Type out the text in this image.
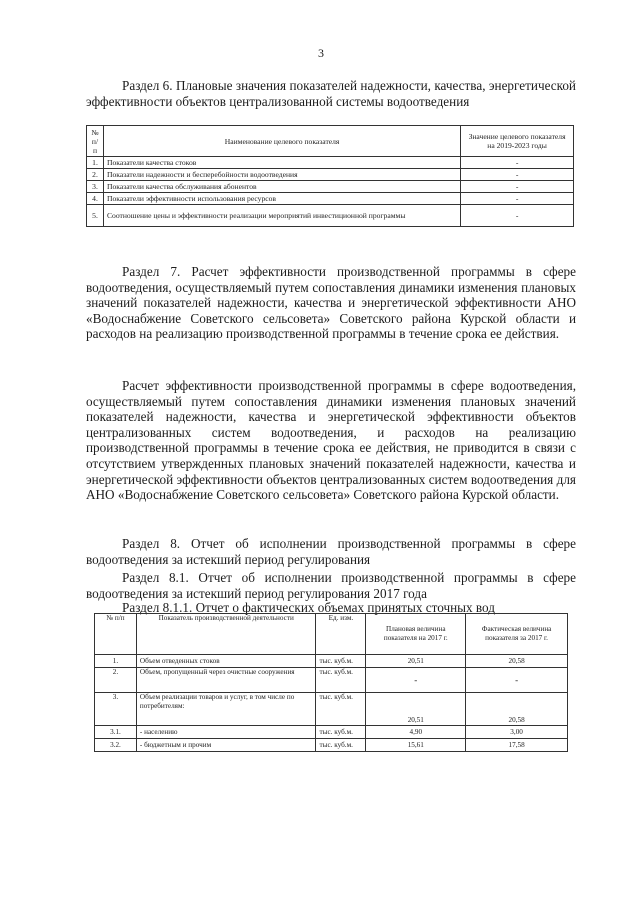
3
Раздел 6. Плановые значения показателей надежности, качества, энергетической эффективности объектов централизованной системы водоотведения
№ п/п	Наименование целевого показателя	Значение целевого показателя на 2019-2023 годы
1.	Показатели качества стоков	-
2.	Показатели надежности и бесперебойности водоотведения	-
3.	Показатели качества обслуживания абонентов	-
4.	Показатели эффективности использования ресурсов	-
5.	Соотношение цены и эффективности реализации мероприятий инвестиционной программы	-
Раздел 7. Расчет эффективности производственной программы в сфере водоотведения, осуществляемый путем сопоставления динамики изменения плановых значений показателей надежности, качества и энергетической эффективности АНО «Водоснабжение Советского сельсовета» Советского района Курской области и расходов на реализацию производственной программы в течение срока ее действия.
Расчет эффективности производственной программы в сфере водоотведения, осуществляемый путем сопоставления динамики изменения плановых значений показателей надежности, качества и энергетической эффективности объектов централизованных систем водоотведения, и расходов на реализацию производственной программы в течение срока ее действия, не приводится в связи с отсутствием утвержденных плановых значений показателей надежности, качества и энергетической эффективности объектов централизованных систем водоотведения для АНО «Водоснабжение Советского сельсовета» Советского района Курской области.
Раздел 8. Отчет об исполнении производственной программы в сфере водоотведения за истекший период регулирования
Раздел 8.1. Отчет об исполнении производственной программы в сфере водоотведения за истекший период регулирования 2017 года
Раздел 8.1.1. Отчет о фактических объемах принятых сточных вод
№ п/п	Показатель производственной деятельности	Ед. изм.	Плановая величина показателя на 2017 г.	Фактическая величина показателя за 2017 г.
1.	Объем отведенных стоков	тыс. куб.м.	20,51	20,58
2.	Объем, пропущенный через очистные сооружения	тыс. куб.м.	-	-
3.	Объем реализации товаров и услуг, в том числе по потребителям:	тыс. куб.м.	20,51	20,58
3.1.	- населению	тыс. куб.м.	4,90	3,00
3.2.	- бюджетным и прочим	тыс. куб.м.	15,61	17,58
